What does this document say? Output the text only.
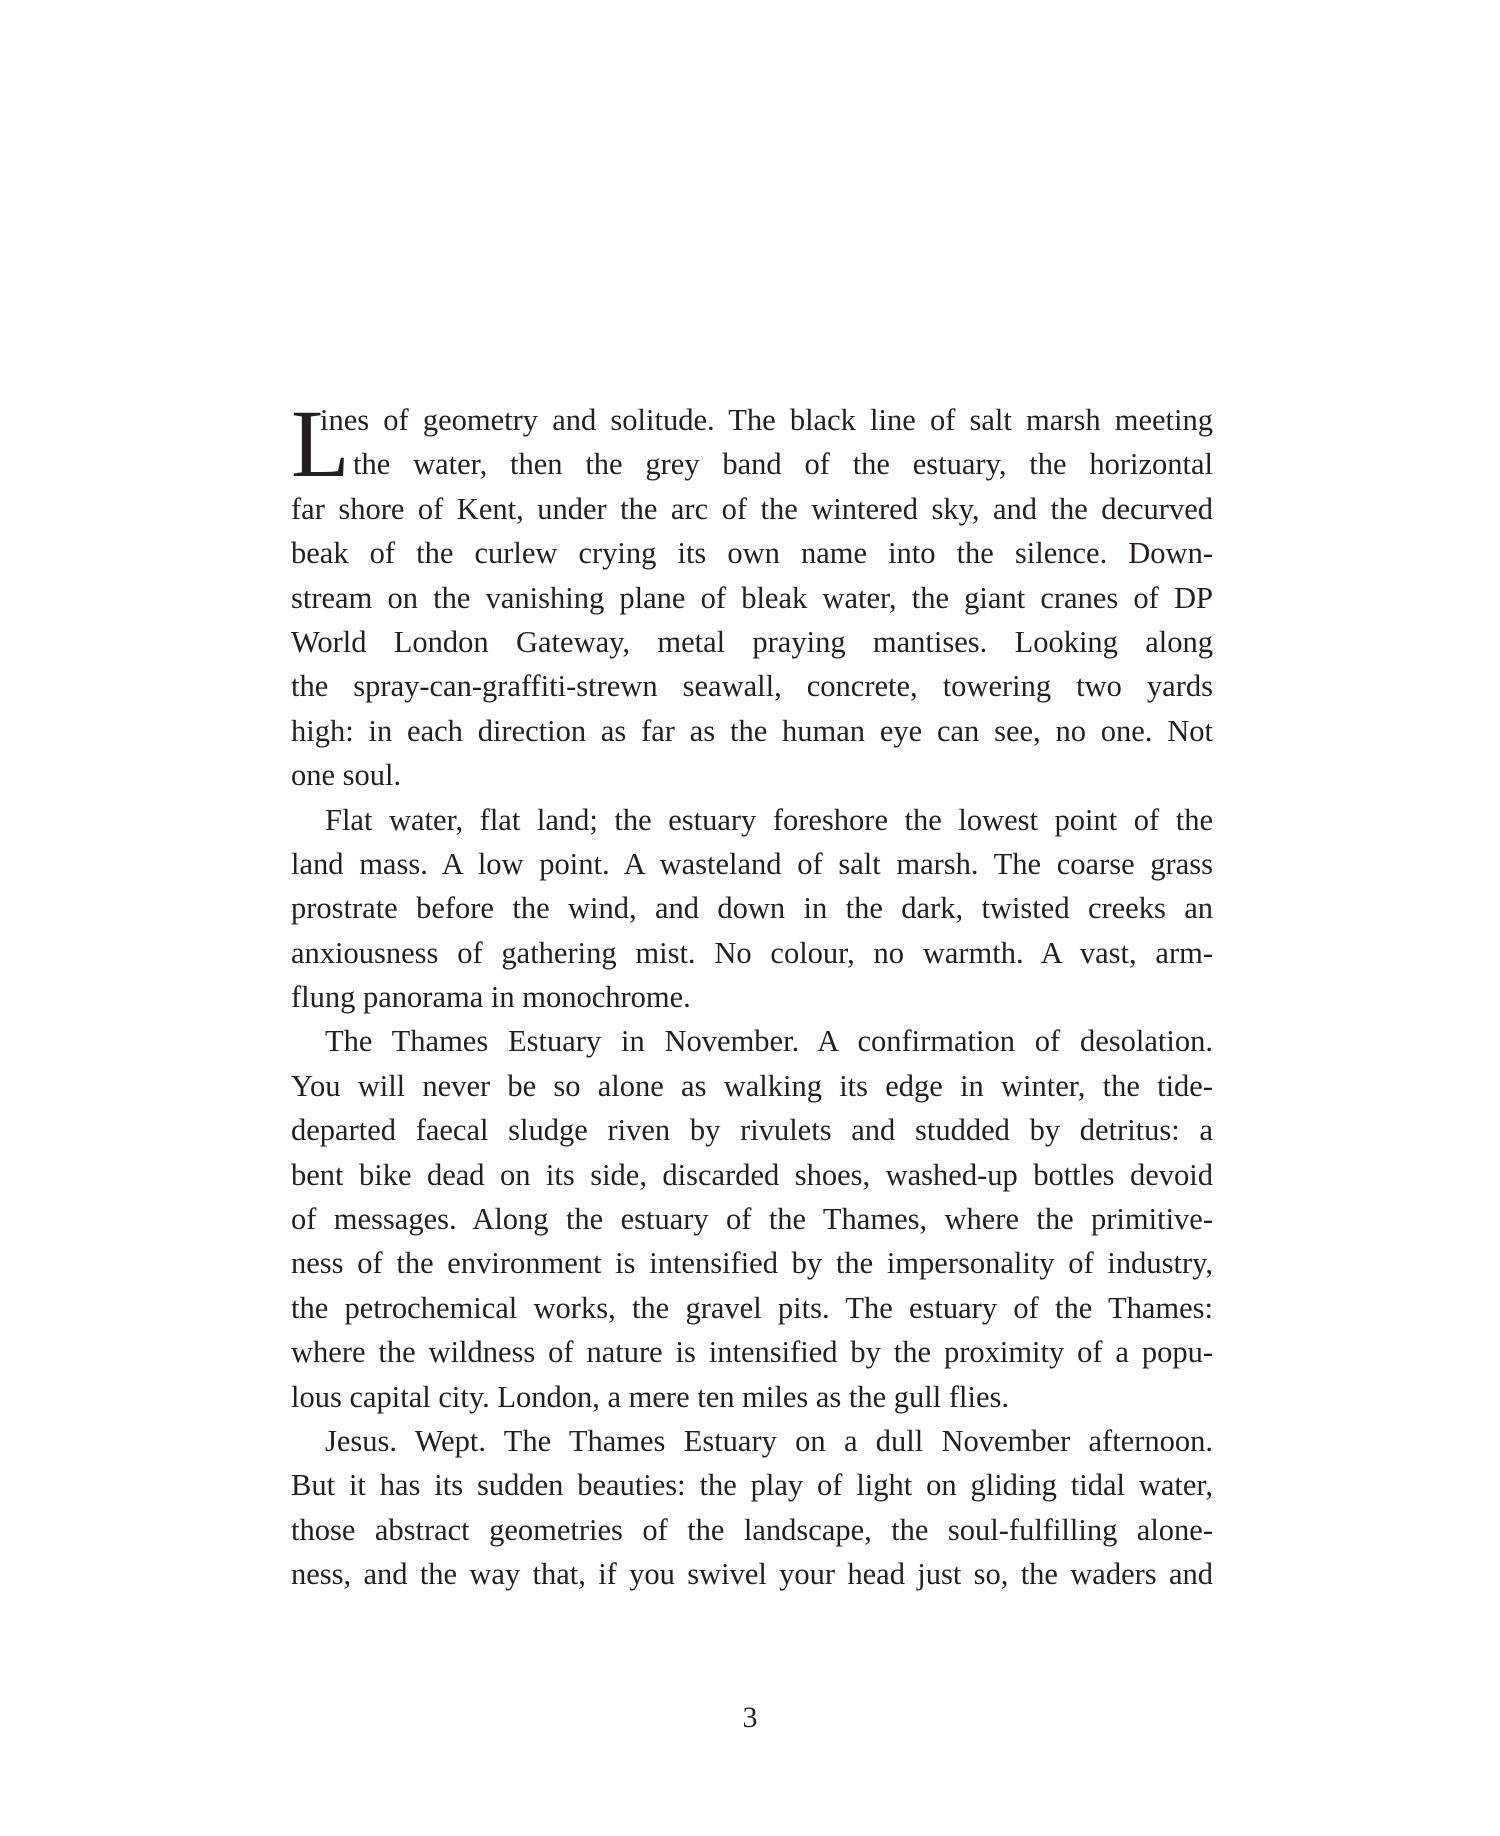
L
ines of geometry and solitude. The black line of salt marsh meeting
the water, then the grey band of the estuary, the horizontal
far shore of Kent, under the arc of the wintered sky, and the decurved
beak of the curlew crying its own name into the silence. Down-
stream on the vanishing plane of bleak water, the giant cranes of DP
World London Gateway, metal praying mantises. Looking along
the spray-can-graffiti-strewn seawall, concrete, towering two yards
high: in each direction as far as the human eye can see, no one. Not
one soul.
Flat water, flat land; the estuary foreshore the lowest point of the
land mass. A low point. A wasteland of salt marsh. The coarse grass
prostrate before the wind, and down in the dark, twisted creeks an
anxiousness of gathering mist. No colour, no warmth. A vast, arm-
flung panorama in monochrome.
The Thames Estuary in November. A confirmation of desolation.
You will never be so alone as walking its edge in winter, the tide-
departed faecal sludge riven by rivulets and studded by detritus: a
bent bike dead on its side, discarded shoes, washed-up bottles devoid
of messages. Along the estuary of the Thames, where the primitive-
ness of the environment is intensified by the impersonality of industry,
the petrochemical works, the gravel pits. The estuary of the Thames:
where the wildness of nature is intensified by the proximity of a popu-
lous capital city. London, a mere ten miles as the gull flies.
Jesus. Wept. The Thames Estuary on a dull November afternoon.
But it has its sudden beauties: the play of light on gliding tidal water,
those abstract geometries of the landscape, the soul-fulfilling alone-
ness, and the way that, if you swivel your head just so, the waders and
3
